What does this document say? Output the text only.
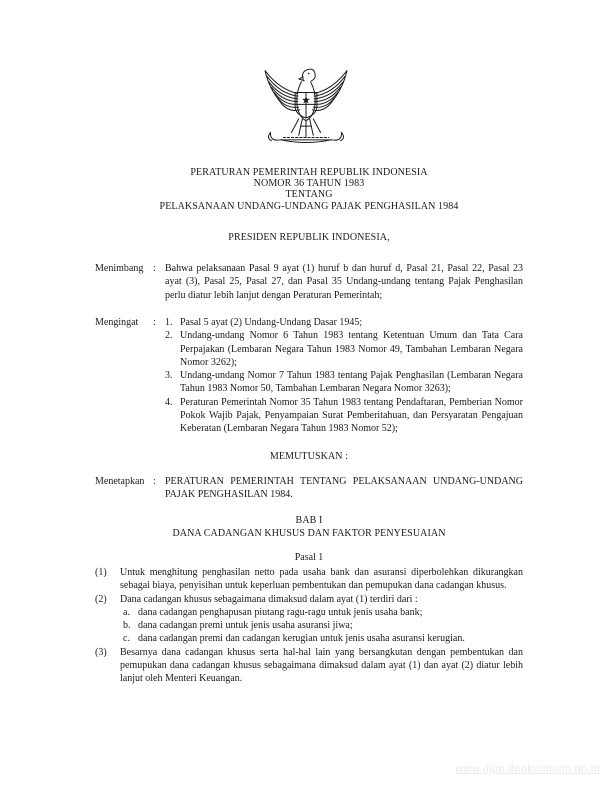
PERATURAN PEMERINTAH REPUBLIK INDONESIA
NOMOR 36 TAHUN 1983
TENTANG
PELAKSANAAN UNDANG-UNDANG PAJAK PENGHASILAN 1984
PRESIDEN REPUBLIK INDONESIA,
Menimbang : Bahwa pelaksanaan Pasal 9 ayat (1) huruf b dan huruf d, Pasal 21, Pasal 22, Pasal 23 ayat (3), Pasal 25, Pasal 27, dan Pasal 35 Undang-undang tentang Pajak Penghasilan perlu diatur lebih lanjut dengan Peraturan Pemerintah;
Mengingat	: 1. Pasal 5 ayat (2) Undang-Undang Dasar 1945;
2. Undang-undang Nomor 6 Tahun 1983 tentang Ketentuan Umum dan Tata Cara Perpajakan (Lembaran Negara Tahun 1983 Nomor 49, Tambahan Lembaran Negara Nomor 3262);
3. Undang-undang Nomor 7 Tahun 1983 tentang Pajak Penghasilan (Lembaran Negara Tahun 1983 Nomor 50, Tambahan Lembaran Negara Nomor 3263);
4. Peraturan Pemerintah Nomor 35 Tahun 1983 tentang Pendaftaran, Pemberian Nomor Pokok Wajib Pajak, Penyampaian Surat Pemberitahuan, dan Persyaratan Pengajuan Keberatan (Lembaran Negara Tahun 1983 Nomor 52);
MEMUTUSKAN :
Menetapkan : PERATURAN PEMERINTAH TENTANG PELAKSANAAN UNDANG-UNDANG PAJAK PENGHASILAN 1984.
BAB I
DANA CADANGAN KHUSUS DAN FAKTOR PENYESUAIAN
Pasal 1
(1)	Untuk menghitung penghasilan netto pada usaha bank dan asuransi diperbolehkan dikurangkan sebagai biaya, penyisihan untuk keperluan pembentukan dan pemupukan dana cadangan khusus.
(2)	Dana cadangan khusus sebagaimana dimaksud dalam ayat (1) terdiri dari :
a. dana cadangan penghapusan piutang ragu-ragu untuk jenis usaha bank;
b. dana cadangan premi untuk jenis usaha asuransi jiwa;
c. dana cadangan premi dan cadangan kerugian untuk jenis usaha asuransi kerugian.
(3)	Besarnya dana cadangan khusus serta hal-hal lain yang bersangkutan dengan pembentukan dan pemupukan dana cadangan khusus sebagaimana dimaksud dalam ayat (1) dan ayat (2) diatur lebih lanjut oleh Menteri Keuangan.
www.djpp.depkumham.go.id
